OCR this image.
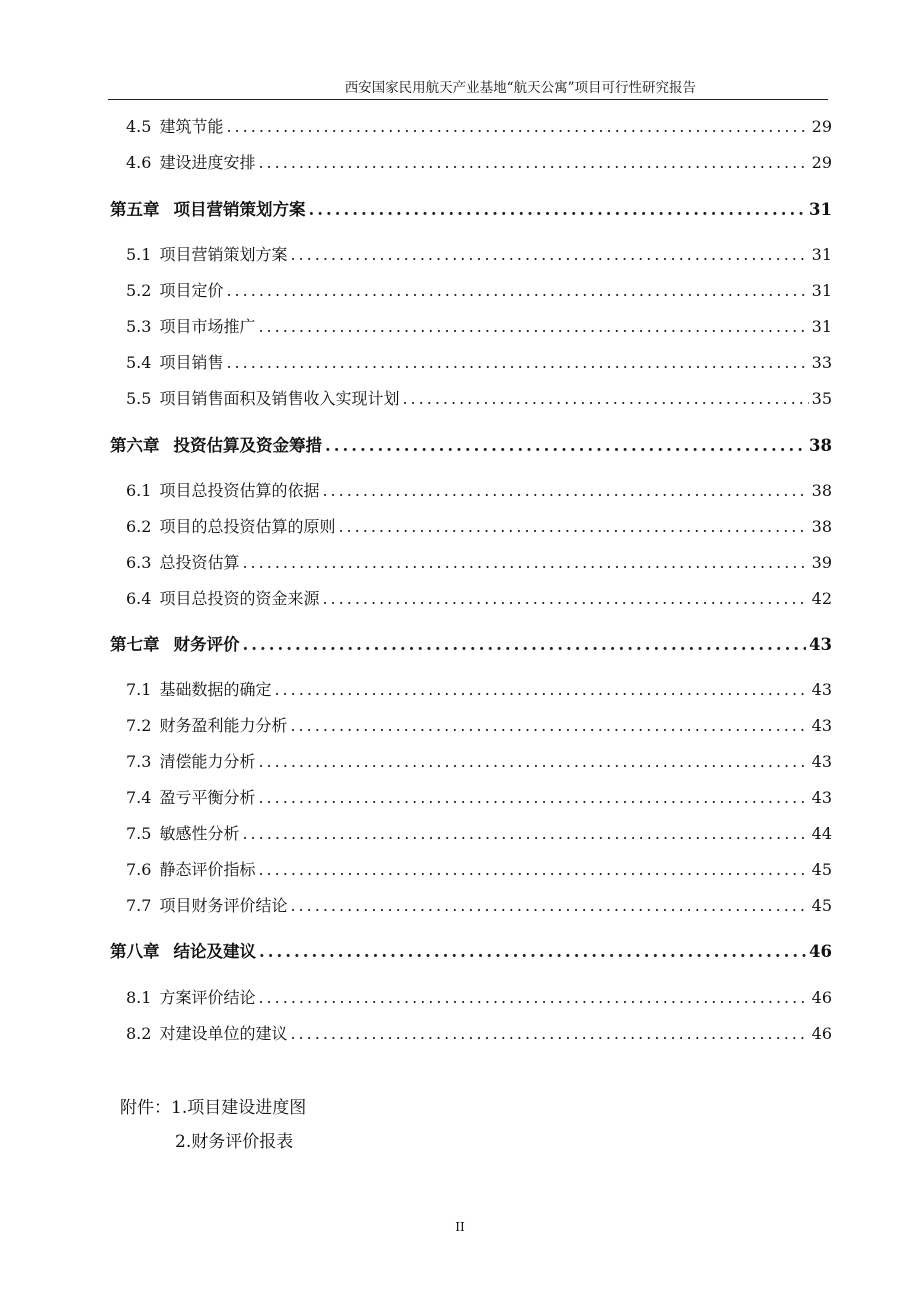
西安国家民用航天产业基地“航天公寓”项目可行性研究报告
4.5 建筑节能 .....	29
4.6 建设进度安排 .....	29
第五章 项目营销策划方案 .....	31
5.1 项目营销策划方案 .....	31
5.2 项目定价 .....	31
5.3 项目市场推广 .....	31
5.4 项目销售 .....	33
5.5 项目销售面积及销售收入实现计划 .....	35
第六章 投资估算及资金筹措 .....	38
6.1 项目总投资估算的依据 .....	38
6.2 项目的总投资估算的原则 .....	38
6.3 总投资估算 .....	39
6.4 项目总投资的资金来源 .....	42
第七章 财务评价 .....	43
7.1 基础数据的确定 .....	43
7.2 财务盈利能力分析 .....	43
7.3 清偿能力分析 .....	43
7.4 盈亏平衡分析 .....	43
7.5 敏感性分析 .....	44
7.6 静态评价指标 .....	45
7.7 项目财务评价结论 .....	45
第八章 结论及建议 .....	46
8.1 方案评价结论 .....	46
8.2 对建设单位的建议 .....	46
附件：1.项目建设进度图
2.财务评价报表
II
